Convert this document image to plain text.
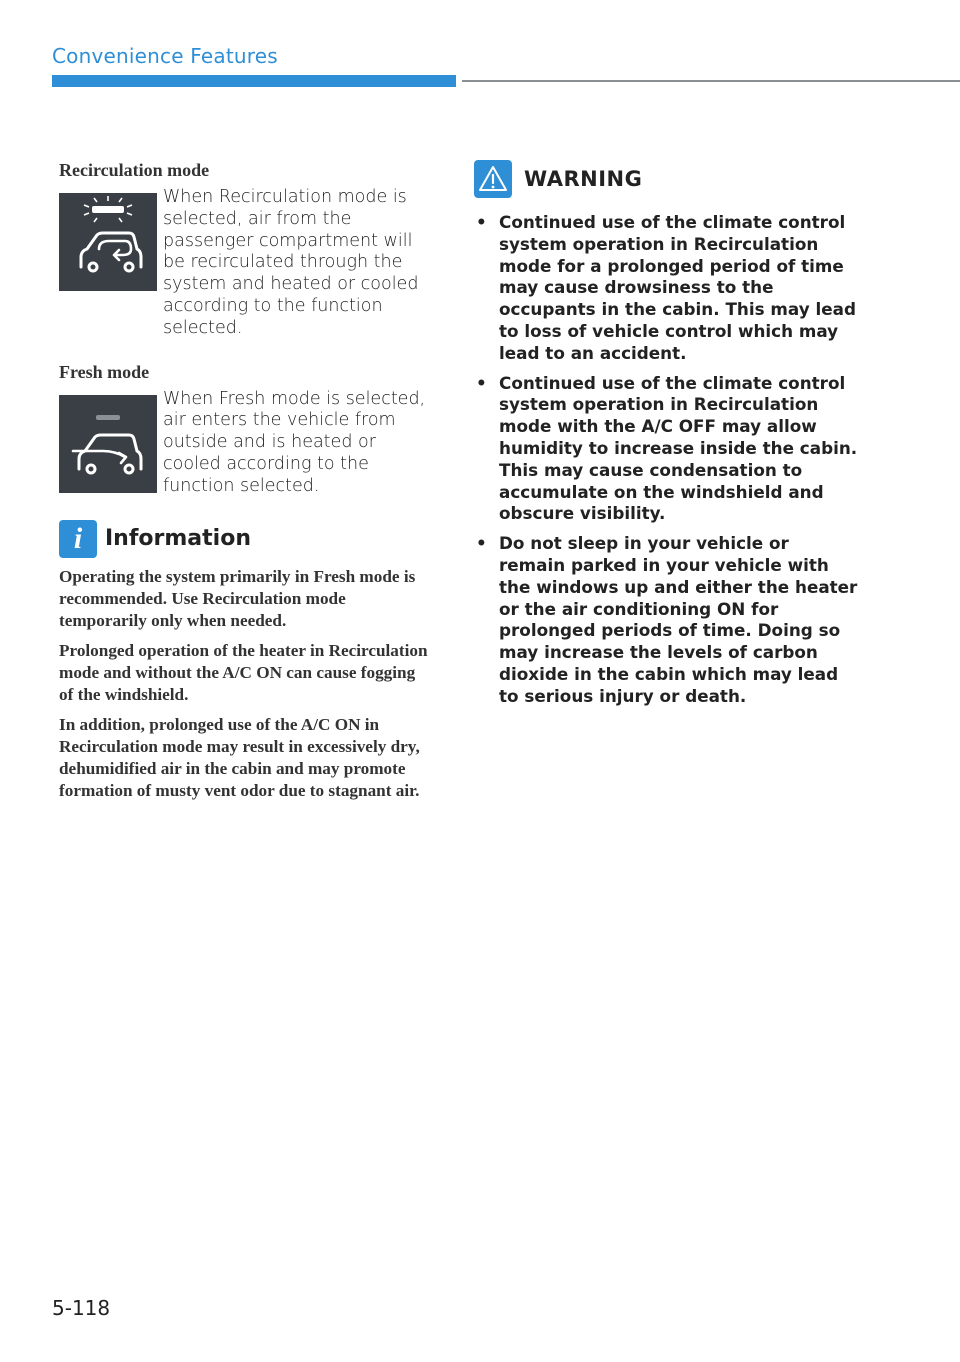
Convenience Features
Recirculation mode
When Recirculation mode is selected, air from the passenger compartment will be recirculated through the system and heated or cooled according to the function selected.
Fresh mode
When Fresh mode is selected, air enters the vehicle from outside and is heated or cooled according to the function selected.
i	Information

Operating the system primarily in Fresh mode is recommended. Use Recirculation mode temporarily only when needed.

Prolonged operation of the heater in Recirculation mode and without the A/C ON can cause fogging of the windshield.

In addition, prolonged use of the A/C ON in Recirculation mode may result in excessively dry, dehumidified air in the cabin and may promote formation of musty vent odor due to stagnant air.

WARNING
• Continued use of the climate control system operation in Recirculation mode for a prolonged period of time may cause drowsiness to the occupants in the cabin. This may lead to loss of vehicle control which may lead to an accident.
• Continued use of the climate control system operation in Recirculation mode with the A/C OFF may allow humidity to increase inside the cabin. This may cause condensation to accumulate on the windshield and obscure visibility.
• Do not sleep in your vehicle or remain parked in your vehicle with the windows up and either the heater or the air conditioning ON for prolonged periods of time. Doing so may increase the levels of carbon dioxide in the cabin which may lead to serious injury or death.
5-118
